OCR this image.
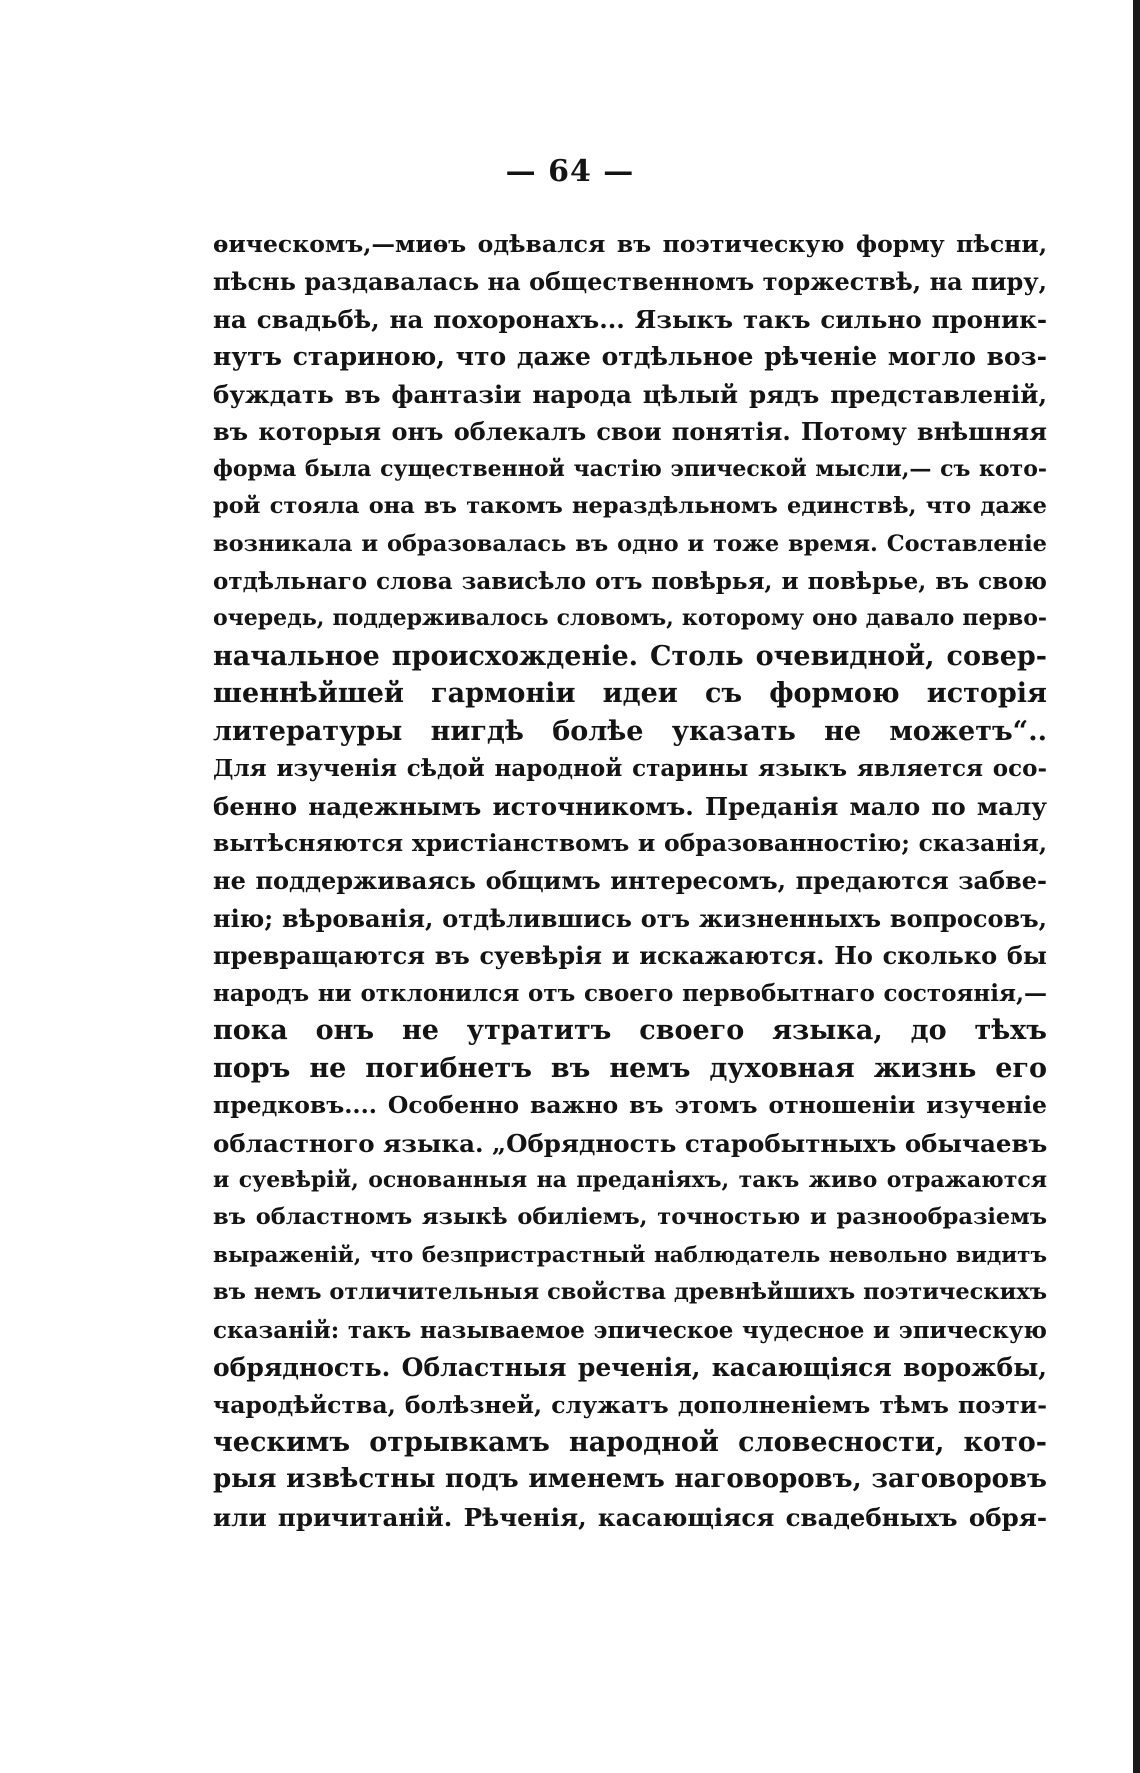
— 64 —
ѳическомъ,—миѳъ одѣвался въ поэтическую форму пѣсни,
пѣснь раздавалась на общественномъ торжествѣ, на пиру,
на свадьбѣ, на похоронахъ... Языкъ такъ сильно проник-
нутъ стариною, что даже отдѣльное рѣченіе могло воз-
буждать въ фантазіи народа цѣлый рядъ представленій,
въ которыя онъ облекалъ свои понятія. Потому внѣшняя
форма была существенной частію эпической мысли,— съ кото-
рой стояла она въ такомъ нераздѣльномъ единствѣ, что даже
возникала и образовалась въ одно и тоже время. Составленіе
отдѣльнаго слова зависѣло отъ повѣрья, и повѣрье, въ свою
очередь, поддерживалось словомъ, которому оно давало перво-
начальное происхожденіе. Столь очевидной, совер-
шеннѣйшей гармоніи идеи съ формою исторія
литературы нигдѣ болѣе указать не можетъ“..
Для изученія сѣдой народной старины языкъ является осо-
бенно надежнымъ источникомъ. Преданія мало по малу
вытѣсняются христіанствомъ и образованностію; сказанія,
не поддерживаясь общимъ интересомъ, предаются забве-
нію; вѣрованія, отдѣлившись отъ жизненныхъ вопросовъ,
превращаются въ суевѣрія и искажаются. Но сколько бы
народъ ни отклонился отъ своего первобытнаго состоянія,—
пока онъ не утратитъ своего языка, до тѣхъ
поръ не погибнетъ въ немъ духовная жизнь его
предковъ.... Особенно важно въ этомъ отношеніи изученіе
областного языка. „Обрядность старобытныхъ обычаевъ
и суевѣрій, основанныя на преданіяхъ, такъ живо отражаются
въ областномъ языкѣ обиліемъ, точностью и разнообразіемъ
выраженій, что безпристрастный наблюдатель невольно видитъ
въ немъ отличительныя свойства древнѣйшихъ поэтическихъ
сказаній: такъ называемое эпическое чудесное и эпическую
обрядность. Областныя реченія, касающіяся ворожбы,
чародѣйства, болѣзней, служатъ дополненіемъ тѣмъ поэти-
ческимъ отрывкамъ народной словесности, кото-
рыя извѣстны подъ именемъ наговоровъ, заговоровъ
или причитаній. Рѣченія, касающіяся свадебныхъ обря-
